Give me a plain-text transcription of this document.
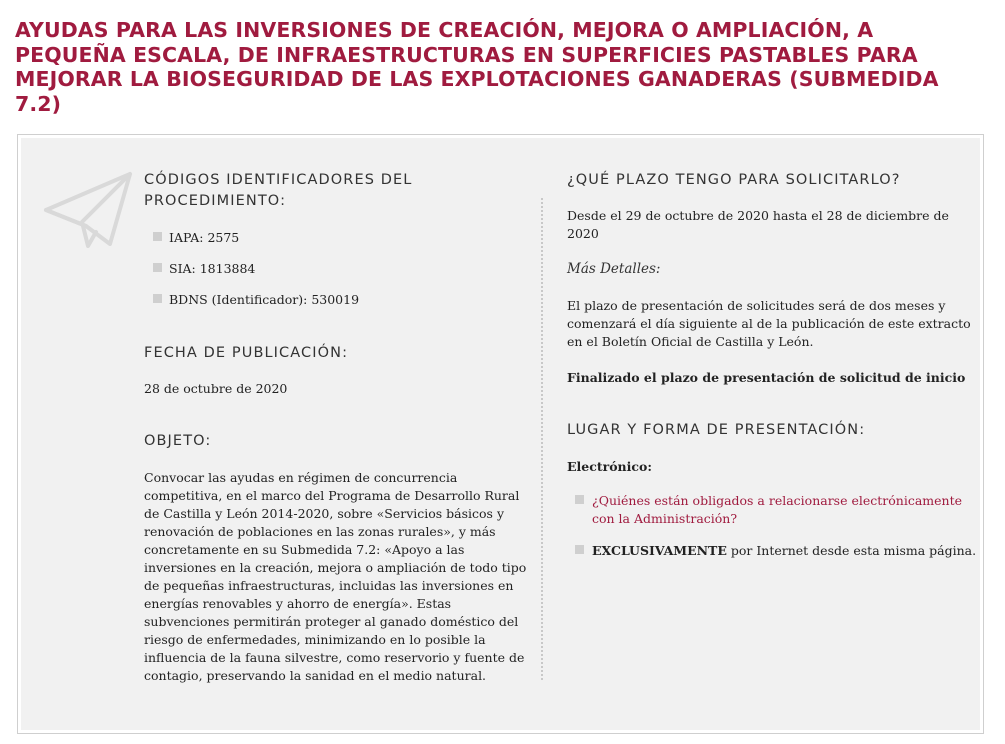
AYUDAS PARA LAS INVERSIONES DE CREACIÓN, MEJORA O AMPLIACIÓN, A PEQUEÑA ESCALA, DE INFRAESTRUCTURAS EN SUPERFICIES PASTABLES PARA MEJORAR LA BIOSEGURIDAD DE LAS EXPLOTACIONES GANADERAS (SUBMEDIDA 7.2)
CÓDIGOS IDENTIFICADORES DEL
PROCEDIMIENTO:

IAPA: 2575

SIA: 1813884

BDNS (Identificador): 530019

FECHA DE PUBLICACIÓN:

28 de octubre de 2020

OBJETO:

Convocar las ayudas en régimen de concurrencia
competitiva, en el marco del Programa de Desarrollo Rural
de Castilla y León 2014-2020, sobre «Servicios básicos y
renovación de poblaciones en las zonas rurales», y más
concretamente en su Submedida 7.2: «Apoyo a las
inversiones en la creación, mejora o ampliación de todo tipo
de pequeñas infraestructuras, incluidas las inversiones en
energías renovables y ahorro de energía». Estas
subvenciones permitirán proteger al ganado doméstico del
riesgo de enfermedades, minimizando en lo posible la
influencia de la fauna silvestre, como reservorio y fuente de
contagio, preservando la sanidad en el medio natural.

¿QUÉ PLAZO TENGO PARA SOLICITARLO?

Desde el 29 de octubre de 2020 hasta el 28 de diciembre de
2020

Más Detalles:

El plazo de presentación de solicitudes será de dos meses y
comenzará el día siguiente al de la publicación de este extracto
en el Boletín Oficial de Castilla y León.

Finalizado el plazo de presentación de solicitud de inicio

LUGAR Y FORMA DE PRESENTACIÓN:

Electrónico:

¿Quiénes están obligados a relacionarse electrónicamente
con la Administración?

EXCLUSIVAMENTE por Internet desde esta misma página.
